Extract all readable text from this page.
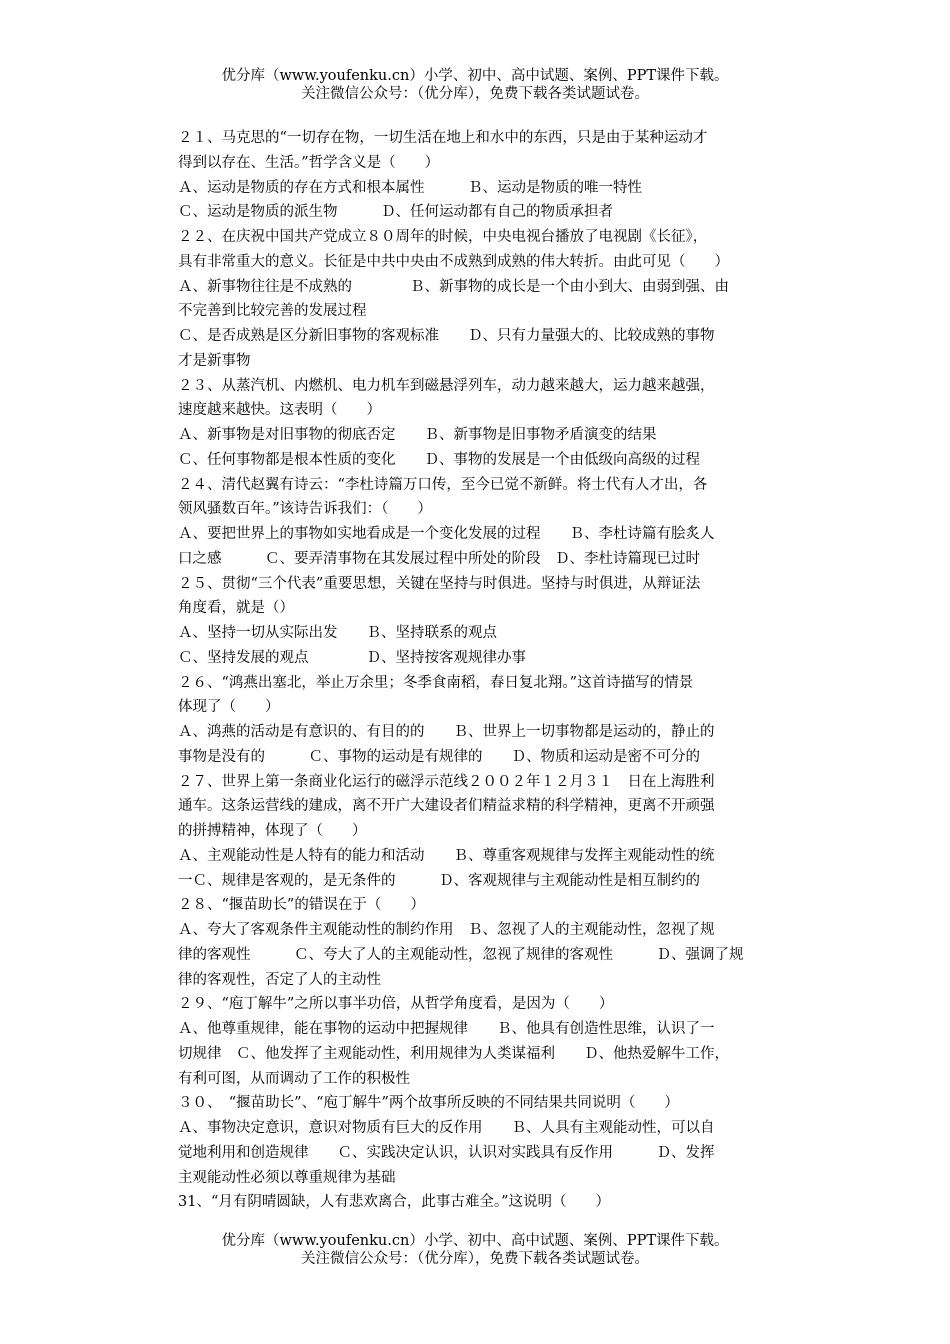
优分库（www.youfenku.cn）小学、初中、高中试题、案例、PPT课件下载。
关注微信公众号：（优分库），免费下载各类试题试卷。
２１、马克思的“一切存在物，一切生活在地上和水中的东西，只是由于某种运动才
得到以存在、生活。”哲学含义是（　　）
Ａ、运动是物质的存在方式和根本属性　　　Ｂ、运动是物质的唯一特性
Ｃ、运动是物质的派生物　　　Ｄ、任何运动都有自己的物质承担者
２２、在庆祝中国共产党成立８０周年的时候，中央电视台播放了电视剧《长征》，
具有非常重大的意义。长征是中共中央由不成熟到成熟的伟大转折。由此可见（　　）
Ａ、新事物往往是不成熟的　　　　Ｂ、新事物的成长是一个由小到大、由弱到强、由
不完善到比较完善的发展过程
Ｃ、是否成熟是区分新旧事物的客观标准　　Ｄ、只有力量强大的、比较成熟的事物
才是新事物
２３、从蒸汽机、内燃机、电力机车到磁悬浮列车，动力越来越大，运力越来越强，
速度越来越快。这表明（　　）
Ａ、新事物是对旧事物的彻底否定　　Ｂ、新事物是旧事物矛盾演变的结果
Ｃ、任何事物都是根本性质的变化　　Ｄ、事物的发展是一个由低级向高级的过程
２４、清代赵翼有诗云：“李杜诗篇万口传，至今已觉不新鲜。将士代有人才出，各
领风骚数百年。”该诗告诉我们：（　　）
Ａ、要把世界上的事物如实地看成是一个变化发展的过程　　Ｂ、李杜诗篇有脍炙人
口之感　　　Ｃ、要弄清事物在其发展过程中所处的阶段　Ｄ、李杜诗篇现已过时
２５、贯彻“三个代表”重要思想，关键在坚持与时俱进。坚持与时俱进，从辩证法
角度看，就是（）
Ａ、坚持一切从实际出发　　Ｂ、坚持联系的观点
Ｃ、坚持发展的观点　　　　Ｄ、坚持按客观规律办事
２６、“鸿燕出塞北，举止万余里；冬季食南稻，春日复北翔。”这首诗描写的情景
体现了（　　）
Ａ、鸿燕的活动是有意识的、有目的的　　Ｂ、世界上一切事物都是运动的，静止的
事物是没有的　　　Ｃ、事物的运动是有规律的　　Ｄ、物质和运动是密不可分的
２７、世界上第一条商业化运行的磁浮示范线２００２年１２月３１　日在上海胜利
通车。这条运营线的建成，离不开广大建设者们精益求精的科学精神，更离不开顽强
的拼搏精神，体现了（　　）
Ａ、主观能动性是人特有的能力和活动　　Ｂ、尊重客观规律与发挥主观能动性的统
一Ｃ、规律是客观的，是无条件的　　　Ｄ、客观规律与主观能动性是相互制约的
２８、“揠苗助长”的错误在于（　　）
Ａ、夸大了客观条件主观能动性的制约作用　Ｂ、忽视了人的主观能动性，忽视了规
律的客观性　　　Ｃ、夸大了人的主观能动性，忽视了规律的客观性　　　Ｄ、强调了规
律的客观性，否定了人的主动性
２９、“庖丁解牛”之所以事半功倍，从哲学角度看，是因为（　　）
Ａ、他尊重规律，能在事物的运动中把握规律　　Ｂ、他具有创造性思维，认识了一
切规律　Ｃ、他发挥了主观能动性，利用规律为人类谋福利　　Ｄ、他热爱解牛工作，
有利可图，从而调动了工作的积极性
３０、　“揠苗助长”、“庖丁解牛”两个故事所反映的不同结果共同说明（　　）
Ａ、事物决定意识，意识对物质有巨大的反作用　　Ｂ、人具有主观能动性，可以自
觉地利用和创造规律　　Ｃ、实践决定认识，认识对实践具有反作用　　　Ｄ、发挥
主观能动性必须以尊重规律为基础
31、“月有阴晴圆缺，人有悲欢离合，此事古难全。”这说明（　　）
优分库（www.youfenku.cn）小学、初中、高中试题、案例、PPT课件下载。
关注微信公众号：（优分库），免费下载各类试题试卷。
